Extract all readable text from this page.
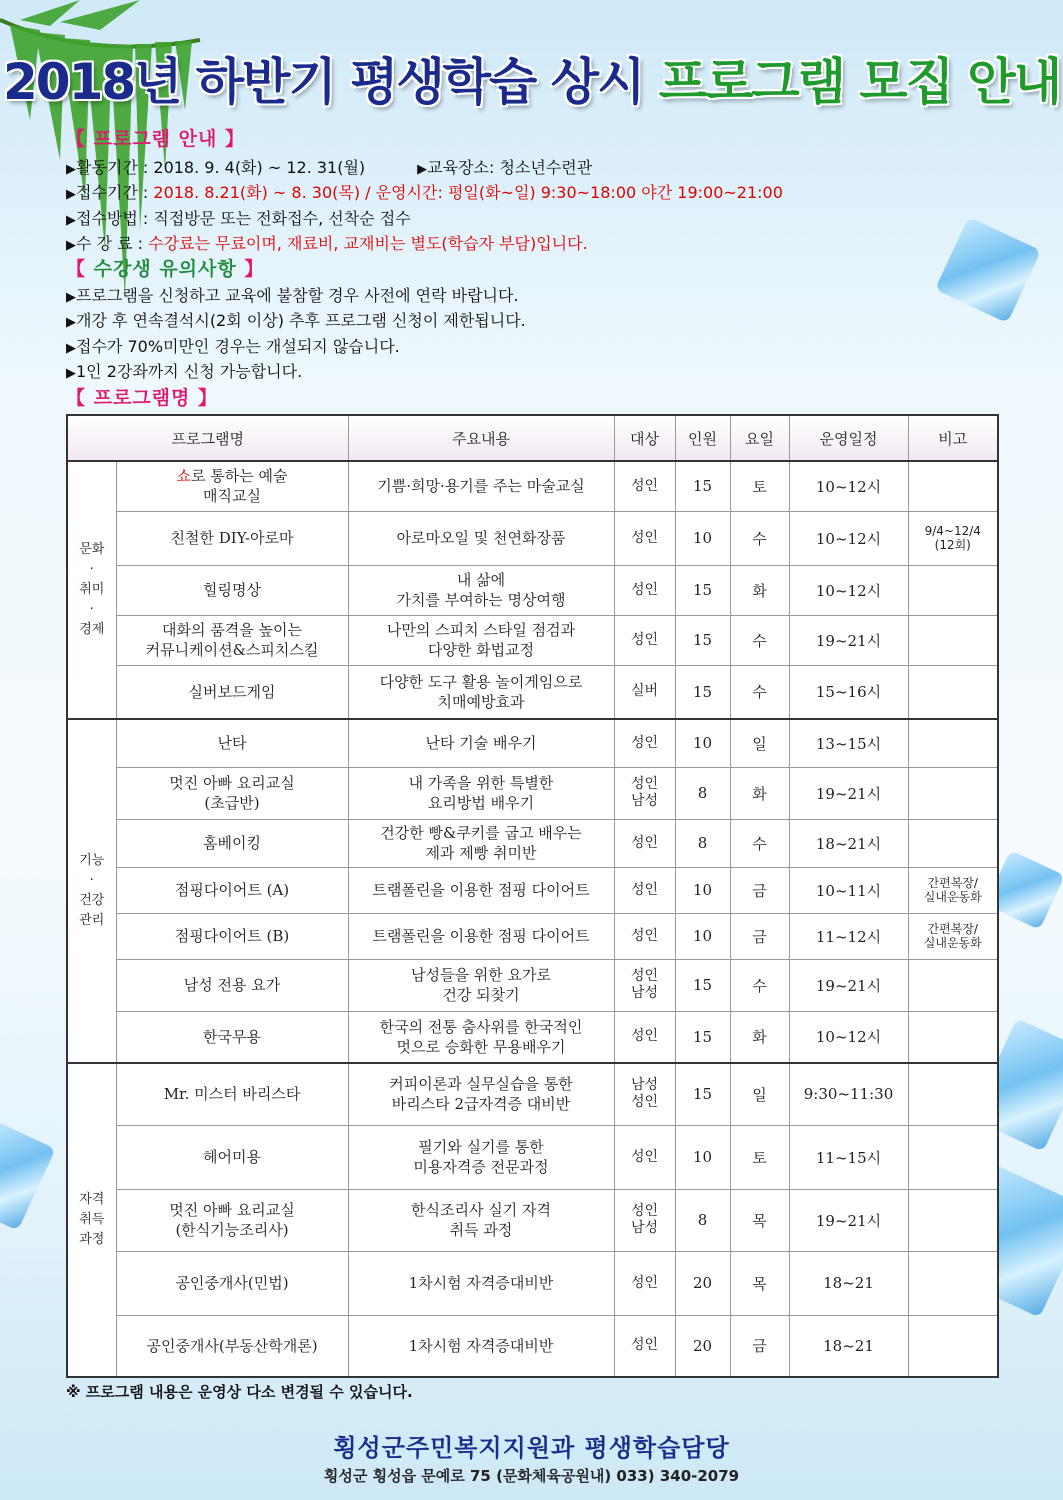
2018년 하반기 평생학습 상시 프로그램 모집 안내
【 프로그램 안내 】
▶활동기간 : 2018. 9. 4(화) ~ 12. 31(월)	▶교육장소: 청소년수련관
▶접수기간 : 2018. 8.21(화) ~ 8. 30(목) / 운영시간: 평일(화~일) 9:30~18:00 야간 19:00~21:00
▶접수방법 : 직접방문 또는 전화접수, 선착순 접수
▶수 강 료 : 수강료는 무료이며, 재료비, 교재비는 별도(학습자 부담)입니다.
【 수강생 유의사항 】
▶프로그램을 신청하고 교육에 불참할 경우 사전에 연락 바랍니다.
▶개강 후 연속결석시(2회 이상) 추후 프로그램 신청이 제한됩니다.
▶접수가 70%미만인 경우는 개설되지 않습니다.
▶1인 2강좌까지 신청 가능합니다.
【 프로그램명 】
프로그램명		주요내용	대상	인원	요일	운영일정	비고
문화
·
취미
·
경제	쇼로 통하는 예술
매직교실	기쁨·희망·용기를 주는 마술교실	성인	15	토	10~12시	
	친철한 DIY-아로마	아로마오일 및 천연화장품	성인	10	수	10~12시	9/4~12/4
(12회)
	힐링명상	내 삶에
가치를 부여하는 명상여행	성인	15	화	10~12시	
	대화의 품격을 높이는
커뮤니케이션&스피치스킬	나만의 스피치 스타일 점검과
다양한 화법교정	성인	15	수	19~21시	
	실버보드게임	다양한 도구 활용 놀이게임으로
치매예방효과	실버	15	수	15~16시	
기능
·
건강
관리	난타	난타 기술 배우기	성인	10	일	13~15시	
	멋진 아빠 요리교실
(초급반)	내 가족을 위한 특별한
요리방법 배우기	성인
남성	8	화	19~21시	
	홈베이킹	건강한 빵&쿠키를 굽고 배우는
제과 제빵 취미반	성인	8	수	18~21시	
	점핑다이어트 (A)	트램폴린을 이용한 점핑 다이어트	성인	10	금	10~11시	간편복장/
실내운동화
	점핑다이어트 (B)	트램폴린을 이용한 점핑 다이어트	성인	10	금	11~12시	간편복장/
실내운동화
	남성 전용 요가	남성들을 위한 요가로
건강 되찾기	성인
남성	15	수	19~21시	
	한국무용	한국의 전통 춤사위를 한국적인
멋으로 승화한 무용배우기	성인	15	화	10~12시	
자격
취득
과정	Mr. 미스터 바리스타	커피이론과 실무실습을 통한
바리스타 2급자격증 대비반	남성
성인	15	일	9:30~11:30	
	헤어미용	필기와 실기를 통한
미용자격증 전문과정	성인	10	토	11~15시	
	멋진 아빠 요리교실
(한식기능조리사)	한식조리사 실기 자격
취득 과정	성인
남성	8	목	19~21시	
	공인중개사(민법)	1차시험 자격증대비반	성인	20	목	18~21	
	공인중개사(부동산학개론)	1차시험 자격증대비반	성인	20	금	18~21	
※ 프로그램 내용은 운영상 다소 변경될 수 있습니다.
횡성군주민복지지원과 평생학습담당
횡성군 횡성읍 문예로 75 (문화체육공원내) 033) 340-2079
